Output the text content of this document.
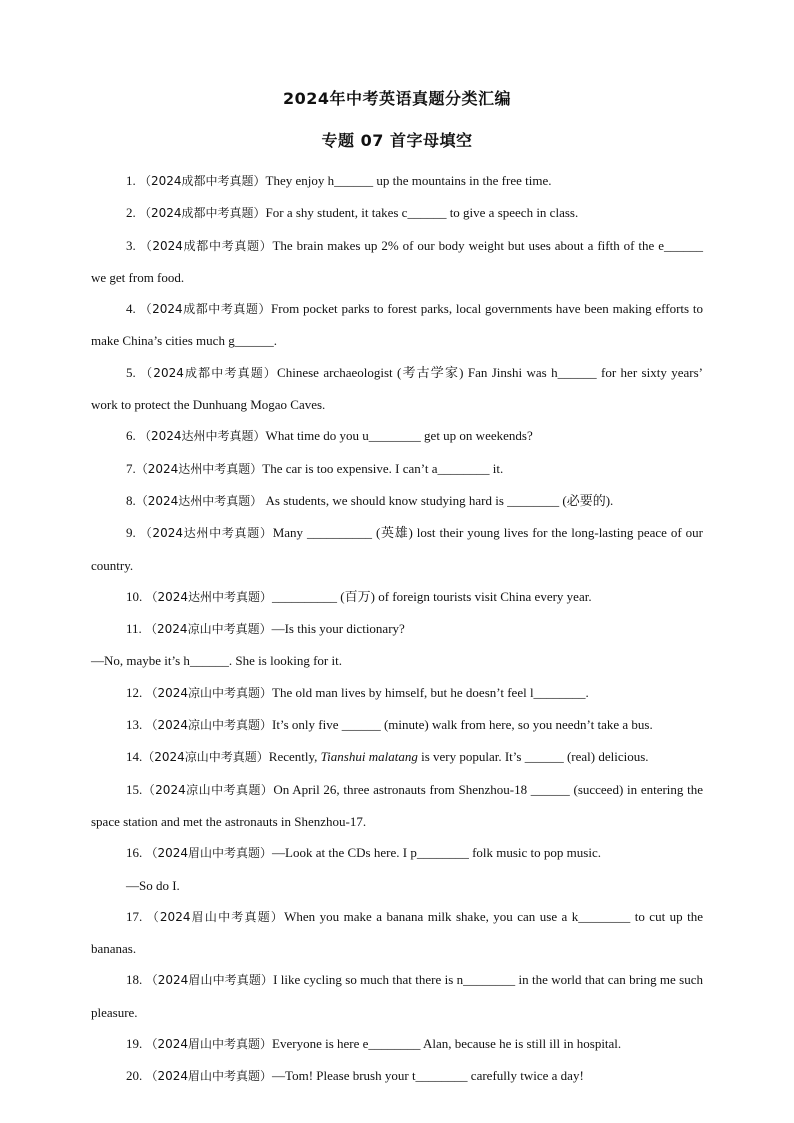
2024年中考英语真题分类汇编
专题 07 首字母填空

1. （2024成都中考真题）They enjoy h______ up the mountains in the free time.

2. （2024成都中考真题）For a shy student, it takes c______ to give a speech in class.

3. （2024成都中考真题）The brain makes up 2% of our body weight but uses about a fifth of the e______ we get from food.

4. （2024成都中考真题）From pocket parks to forest parks, local governments have been making efforts to make China’s cities much g______.

5. （2024成都中考真题）Chinese archaeologist (考古学家) Fan Jinshi was h______ for her sixty years’ work to protect the Dunhuang Mogao Caves.

6. （2024达州中考真题）What time do you u________ get up on weekends?

7.（2024达州中考真题）The car is too expensive. I can’t a________ it.

8.（2024达州中考真题） As students, we should know studying hard is ________ (必要的).

9. （2024达州中考真题）Many __________ (英雄) lost their young lives for the long-lasting peace of our country.

10. （2024达州中考真题）__________ (百万) of foreign tourists visit China every year.

11. （2024凉山中考真题）—Is this your dictionary?

—No, maybe it’s h______. She is looking for it.

12. （2024凉山中考真题）The old man lives by himself, but he doesn’t feel l________.

13. （2024凉山中考真题）It’s only five ______ (minute) walk from here, so you needn’t take a bus.

14.（2024凉山中考真题）Recently, Tianshui malatang is very popular. It’s ______ (real) delicious.

15.（2024凉山中考真题）On April 26, three astronauts from Shenzhou-18 ______ (succeed) in entering the space station and met the astronauts in Shenzhou-17.

16. （2024眉山中考真题）—Look at the CDs here. I p________ folk music to pop music.

—So do I.

17. （2024眉山中考真题）When you make a banana milk shake, you can use a k________ to cut up the bananas.

18. （2024眉山中考真题）I like cycling so much that there is n________ in the world that can bring me such pleasure.

19. （2024眉山中考真题）Everyone is here e________ Alan, because he is still ill in hospital.

20. （2024眉山中考真题）—Tom! Please brush your t________ carefully twice a day!
